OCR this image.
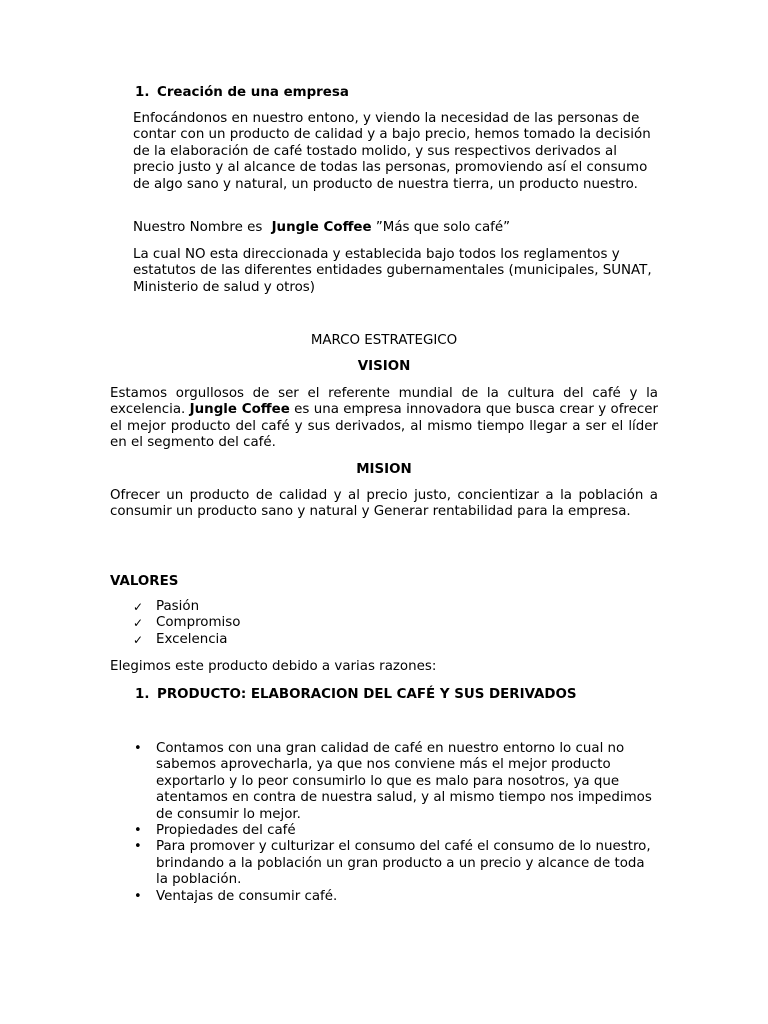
1. Creación de una empresa

Enfocándonos en nuestro entono, y viendo la necesidad de las personas de contar con un producto de calidad y a bajo precio, hemos tomado la decisión de la elaboración de café tostado molido, y sus respectivos derivados al precio justo y al alcance de todas las personas, promoviendo así el consumo de algo sano y natural, un producto de nuestra tierra, un producto nuestro.

Nuestro Nombre es Jungle Coffee ”Más que solo café”

La cual NO esta direccionada y establecida bajo todos los reglamentos y estatutos de las diferentes entidades gubernamentales (municipales, SUNAT, Ministerio de salud y otros)

MARCO ESTRATEGICO
VISION

Estamos orgullosos de ser el referente mundial de la cultura del café y la excelencia. Jungle Coffee es una empresa innovadora que busca crear y ofrecer el mejor producto del café y sus derivados, al mismo tiempo llegar a ser el líder en el segmento del café.

MISION

Ofrecer un producto de calidad y al precio justo, concientizar a la población a consumir un producto sano y natural y Generar rentabilidad para la empresa.

VALORES
✓ Pasión
✓ Compromiso
✓ Excelencia

Elegimos este producto debido a varias razones:

1. PRODUCTO: ELABORACION DEL CAFÉ Y SUS DERIVADOS
• Contamos con una gran calidad de café en nuestro entorno lo cual no sabemos aprovecharla, ya que nos conviene más el mejor producto exportarlo y lo peor consumirlo lo que es malo para nosotros, ya que atentamos en contra de nuestra salud, y al mismo tiempo nos impedimos de consumir lo mejor.
• Propiedades del café
• Para promover y culturizar el consumo del café el consumo de lo nuestro, brindando a la población un gran producto a un precio y alcance de toda la población.
• Ventajas de consumir café.
